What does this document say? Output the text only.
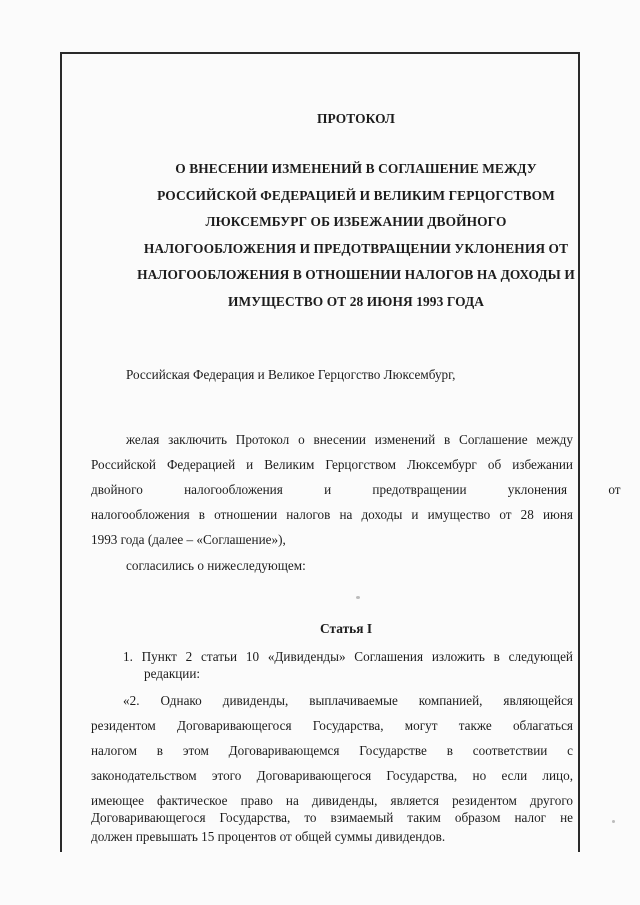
ПРОТОКОЛ
О ВНЕСЕНИИ ИЗМЕНЕНИЙ В СОГЛАШЕНИЕ МЕЖДУ
РОССИЙСКОЙ ФЕДЕРАЦИЕЙ И ВЕЛИКИМ ГЕРЦОГСТВОМ
ЛЮКСЕМБУРГ ОБ ИЗБЕЖАНИИ ДВОЙНОГО
НАЛОГООБЛОЖЕНИЯ И ПРЕДОТВРАЩЕНИИ УКЛОНЕНИЯ ОТ
НАЛОГООБЛОЖЕНИЯ В ОТНОШЕНИИ НАЛОГОВ НА ДОХОДЫ И
ИМУЩЕСТВО ОТ 28 ИЮНЯ 1993 ГОДА
Российская Федерация и Великое Герцогство Люксембург,
желая заключить Протокол о внесении изменений в Соглашение между
Российской Федерацией и Великим Герцогством Люксембург об избежании
двойного налогообложения и предотвращении уклонения от
налогообложения в отношении налогов на доходы и имущество от 28 июня
1993 года (далее – «Соглашение»),
согласились о нижеследующем:
Статья I
1. Пункт 2 статьи 10 «Дивиденды» Соглашения изложить в следующей
редакции:
«2. Однако дивиденды, выплачиваемые компанией, являющейся
резидентом Договаривающегося Государства, могут также облагаться
налогом в этом Договаривающемся Государстве в соответствии с
законодательством этого Договаривающегося Государства, но если лицо,
имеющее фактическое право на дивиденды, является резидентом другого
Договаривающегося Государства, то взимаемый таким образом налог не
должен превышать 15 процентов от общей суммы дивидендов.
